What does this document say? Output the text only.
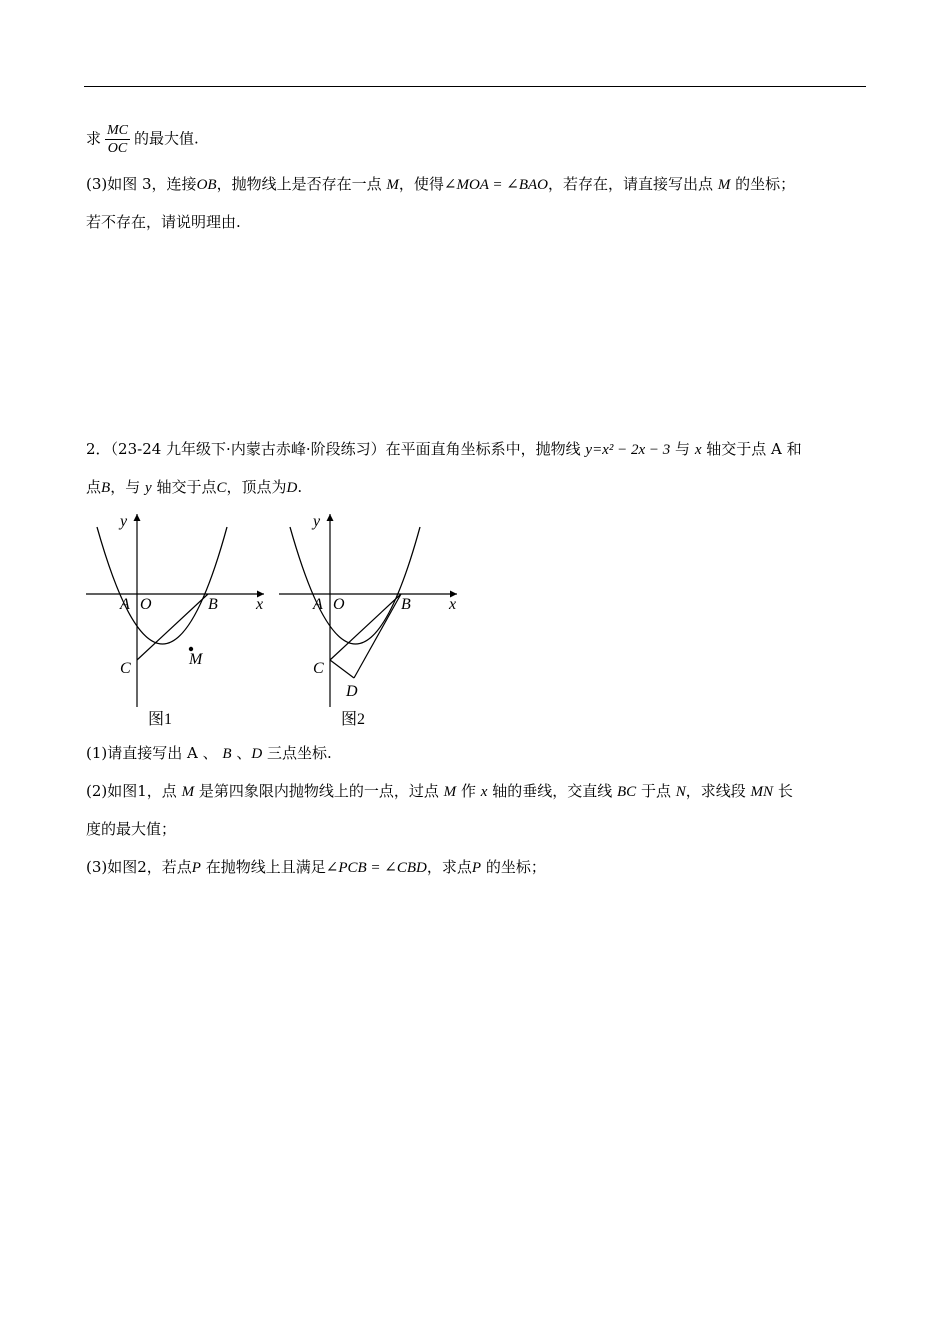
求 $\frac{MC}{OC}$ 的最大值.
(3)如图 3，连接OB，抛物线上是否存在一点 M，使得∠MOA = ∠BAO，若存在，请直接写出点 M 的坐标；
若不存在，请说明理由.
2．（23-24 九年级下·内蒙古赤峰·阶段练习）在平面直角坐标系中，抛物线 y=x² − 2x − 3 与 x 轴交于点 A 和
点B，与 y 轴交于点C，顶点为D.
A O	B x
y
C
M
图1
A O	B x
y
C
D
图2
(1)请直接写出 A 、 B 、D 三点坐标.
(2)如图1，点 M 是第四象限内抛物线上的一点，过点 M 作 x 轴的垂线，交直线 BC 于点 N，求线段 MN 长
度的最大值；
(3)如图2，若点P 在抛物线上且满足∠PCB = ∠CBD，求点P 的坐标；
